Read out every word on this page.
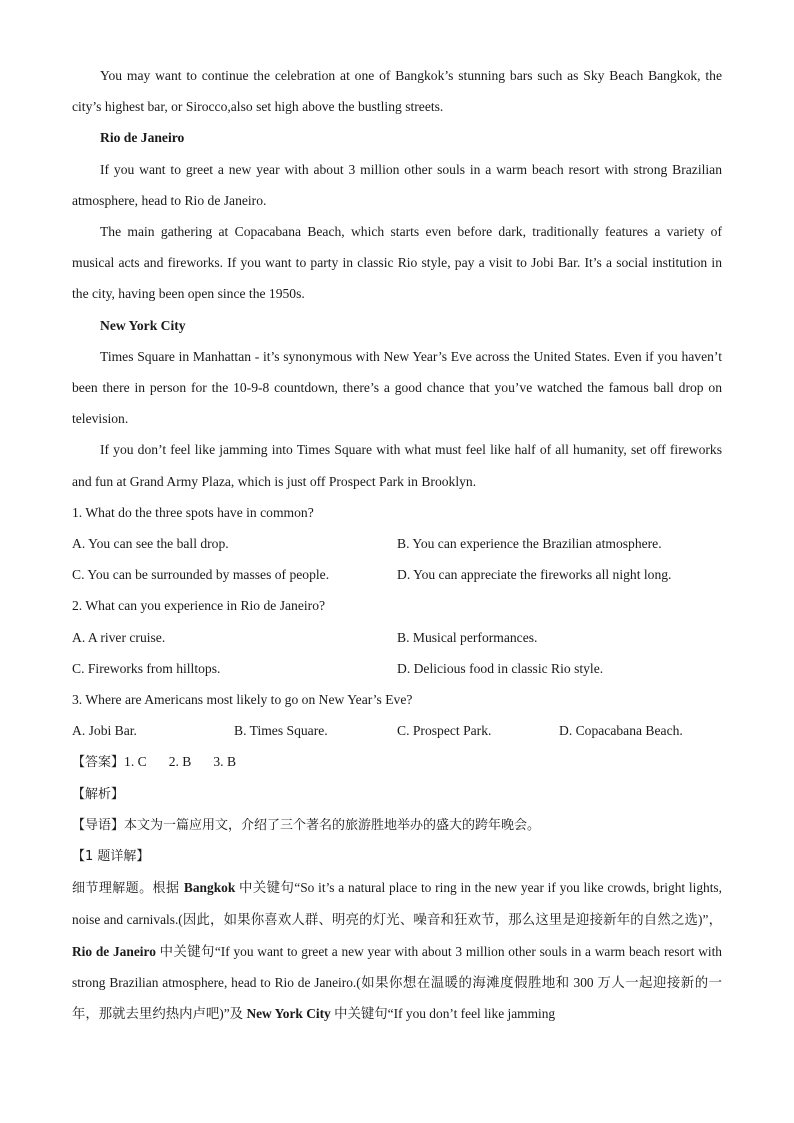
You may want to continue the celebration at one of Bangkok’s stunning bars such as Sky Beach Bangkok, the city’s highest bar, or Sirocco,also set high above the bustling streets.

Rio de Janeiro

If you want to greet a new year with about 3 million other souls in a warm beach resort with strong Brazilian atmosphere, head to Rio de Janeiro.

The main gathering at Copacabana Beach, which starts even before dark, traditionally features a variety of musical acts and fireworks. If you want to party in classic Rio style, pay a visit to Jobi Bar. It’s a social institution in the city, having been open since the 1950s.

New York City

Times Square in Manhattan - it’s synonymous with New Year’s Eve across the United States. Even if you haven’t been there in person for the 10-9-8 countdown, there’s a good chance that you’ve watched the famous ball drop on television.

If you don’t feel like jamming into Times Square with what must feel like half of all humanity, set off fireworks and fun at Grand Army Plaza, which is just off Prospect Park in Brooklyn.

1. What do the three spots have in common?
A. You can see the ball drop.	B. You can experience the Brazilian atmosphere.
C. You can be surrounded by masses of people.	D. You can appreciate the fireworks all night long.
2. What can you experience in Rio de Janeiro?
A. A river cruise.	B. Musical performances.
C. Fireworks from hilltops.	D. Delicious food in classic Rio style.
3. Where are Americans most likely to go on New Year’s Eve?
A. Jobi Bar.	B. Times Square.	C. Prospect Park.	D. Copacabana Beach.
【答案】1. C 2. B 3. B
【解析】
【导语】本文为一篇应用文，介绍了三个著名的旅游胜地举办的盛大的跨年晚会。
【1 题详解】

细节理解题。根据 Bangkok 中关键句“So it’s a natural place to ring in the new year if you like crowds, bright lights, noise and carnivals.(因此，如果你喜欢人群、明亮的灯光、噪音和狂欢节，那么这里是迎接新年的自然之选)”，Rio de Janeiro 中关键句“If you want to greet a new year with about 3 million other souls in a warm beach resort with strong Brazilian atmosphere, head to Rio de Janeiro.(如果你想在温暖的海滩度假胜地和 300 万人一起迎接新的一年，那就去里约热内卢吧)”及 New York City 中关键句“If you don’t feel like jamming
